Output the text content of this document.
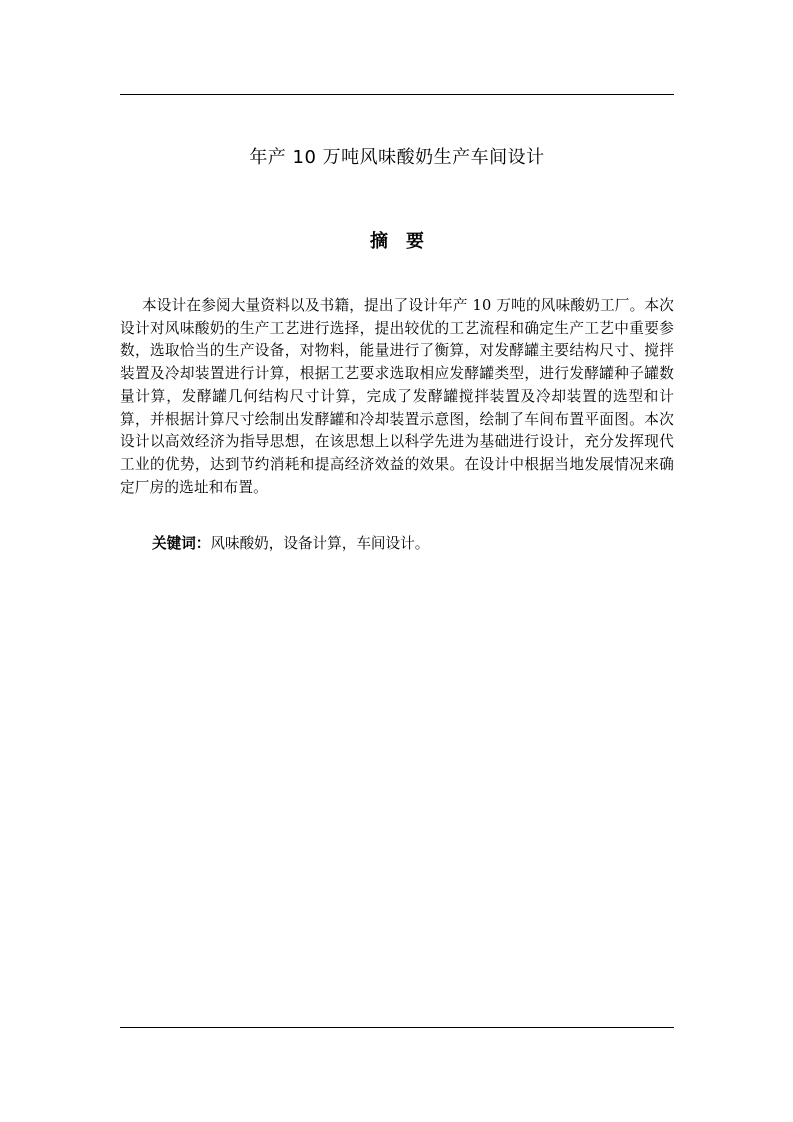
年产 10 万吨风味酸奶生产车间设计
摘要

本设计在参阅大量资料以及书籍，提出了设计年产 10 万吨的风味酸奶工厂。本次设计对风味酸奶的生产工艺进行选择，提出较优的工艺流程和确定生产工艺中重要参数，选取恰当的生产设备，对物料，能量进行了衡算，对发酵罐主要结构尺寸、搅拌装置及冷却装置进行计算，根据工艺要求选取相应发酵罐类型，进行发酵罐种子罐数量计算，发酵罐几何结构尺寸计算，完成了发酵罐搅拌装置及冷却装置的选型和计算，并根据计算尺寸绘制出发酵罐和冷却装置示意图，绘制了车间布置平面图。本次设计以高效经济为指导思想，在该思想上以科学先进为基础进行设计，充分发挥现代工业的优势，达到节约消耗和提高经济效益的效果。在设计中根据当地发展情况来确定厂房的选址和布置。

关键词：风味酸奶，设备计算，车间设计。
